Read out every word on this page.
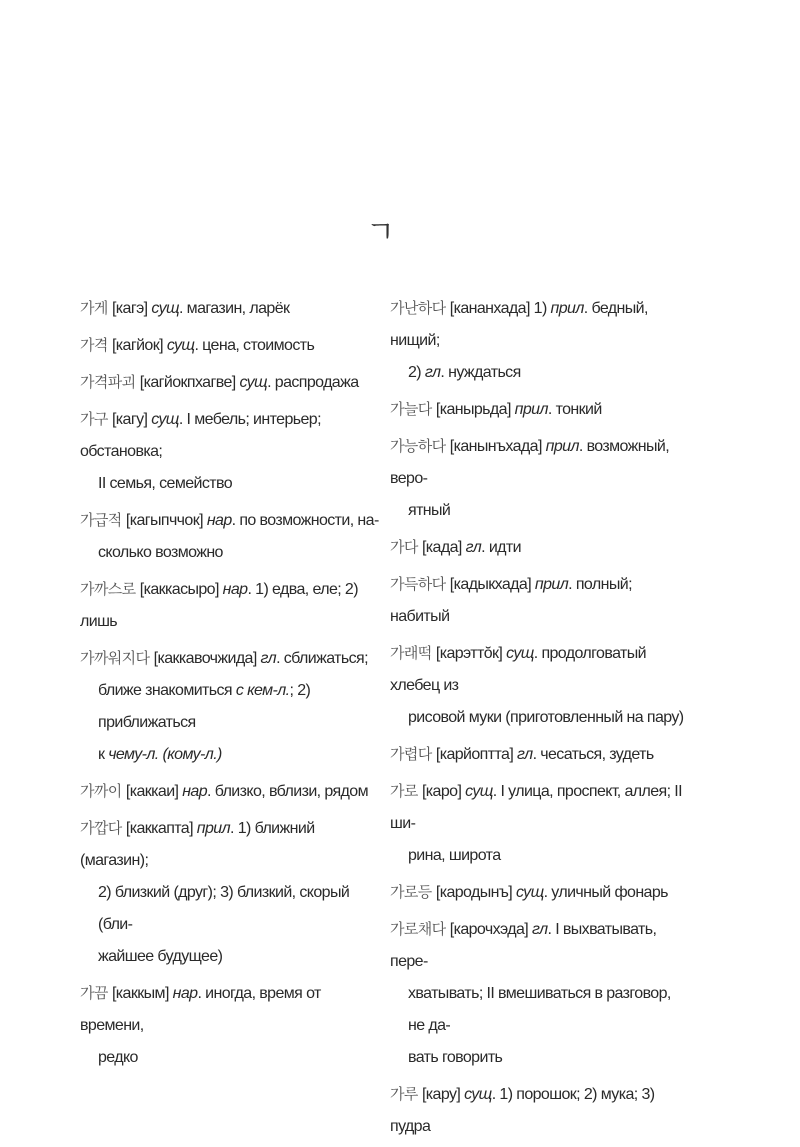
ㄱ
가게 [кагэ] сущ. магазин, ларёк
가격 [кагйок] сущ. цена, стоимость
가격파괴 [кагйокпхагве] сущ. распродажа
가구 [кагу] сущ. I мебель; интерьер; обстановка;
II семья, семейство
가급적 [кагыпччок] нар. по возможности, на-
сколько возможно
가까스로 [каккасыро] нар. 1) едва, еле; 2) лишь
가까워지다 [каккавочжида] гл. сближаться;
ближе знакомиться с кем-л.; 2) приближаться
к чему-л. (кому-л.)
가까이 [каккаи] нар. близко, вблизи, рядом
가깝다 [каккапта] прил. 1) ближний (магазин);
2) близкий (друг); 3) близкий, скорый (бли-
жайшее будущее)
가끔 [каккым] нар. иногда, время от времени,
редко
가난하다 [кананхада] 1) прил. бедный, нищий;
2) гл. нуждаться
가늘다 [канырьда] прил. тонкий
가능하다 [канынъхада] прил. возможный, веро-
ятный
가다 [када] гл. идти
가득하다 [кадыкхада] прил. полный; набитый
가래떡 [карэттŏк] сущ. продолговатый хлебец из
рисовой муки (приготовленный на пару)
가렵다 [карйоптта] гл. чесаться, зудеть
가로 [каро] сущ. I улица, проспект, аллея; II ши-
рина, широта
가로등 [кародынъ] сущ. уличный фонарь
가로채다 [карочхэда] гл. I выхватывать, пере-
хватывать; II вмешиваться в разговор, не да-
вать говорить
가루 [кару] сущ. 1) порошок; 2) мука; 3) пудра
